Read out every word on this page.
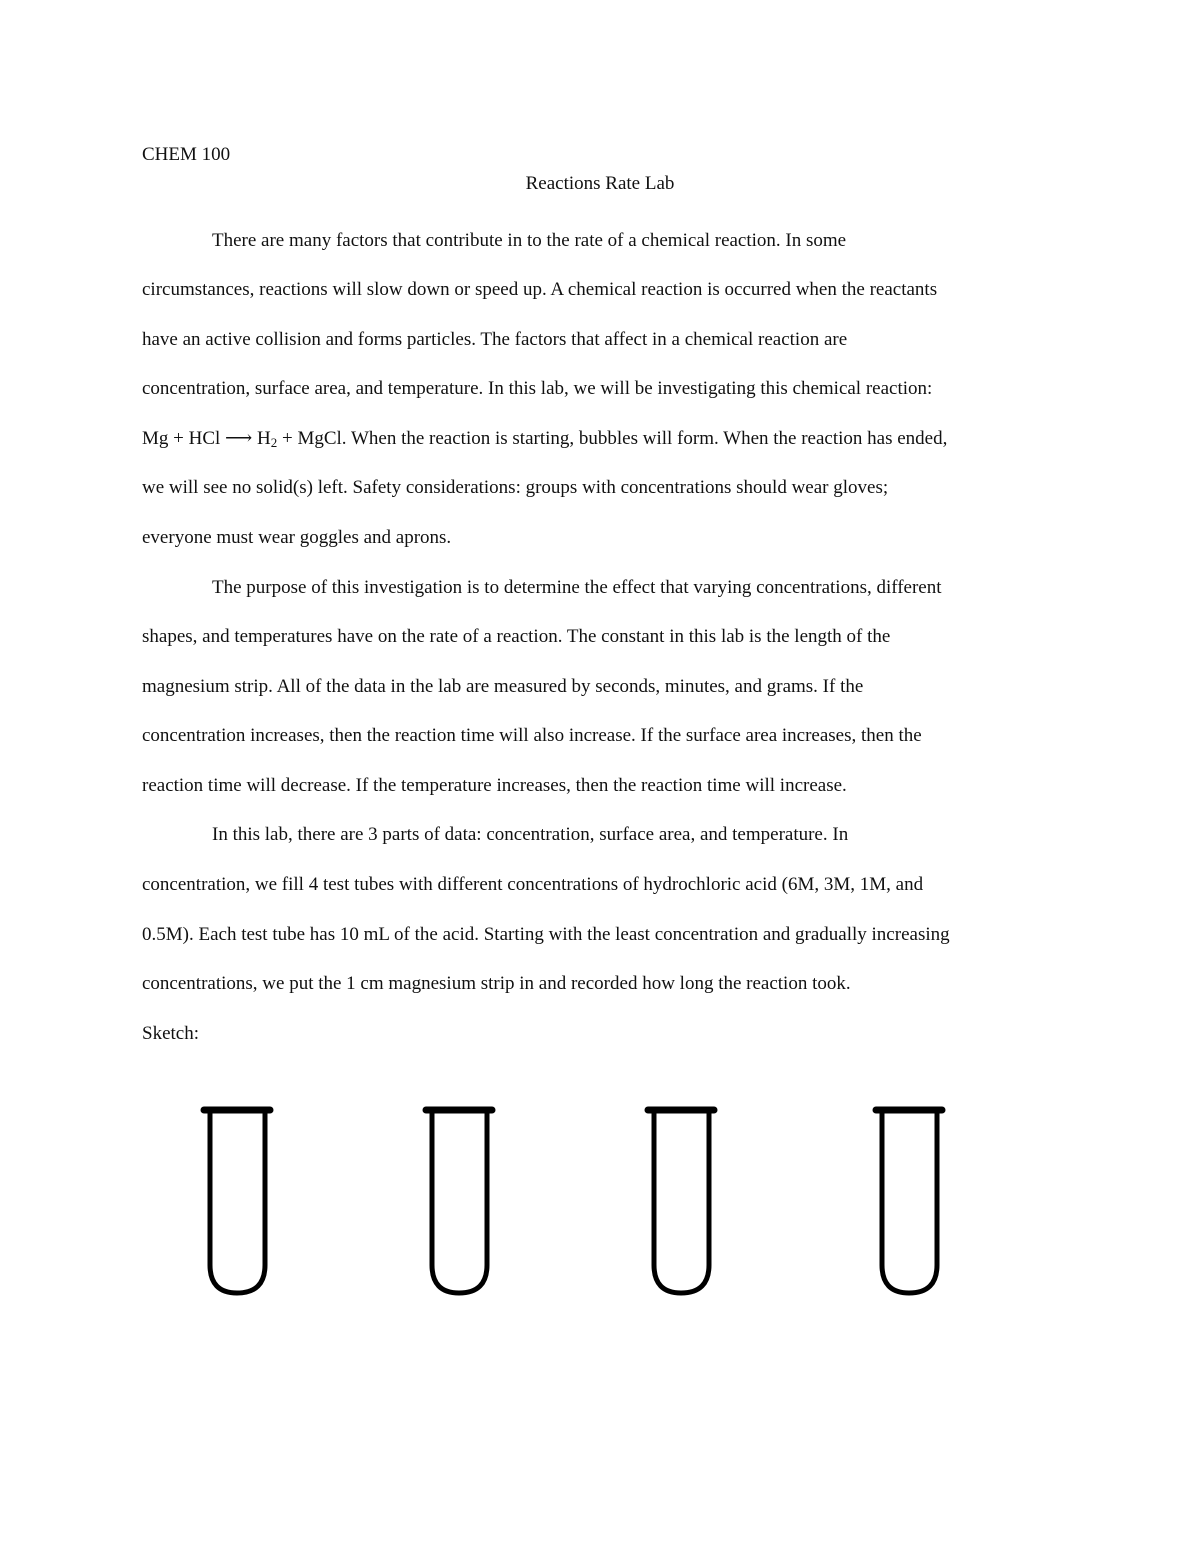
CHEM 100
Reactions Rate Lab
There are many factors that contribute in to the rate of a chemical reaction. In some
circumstances, reactions will slow down or speed up. A chemical reaction is occurred when the reactants
have an active collision and forms particles. The factors that affect in a chemical reaction are
concentration, surface area, and temperature. In this lab, we will be investigating this chemical reaction:
Mg + HCl ⟶ $H_2$ + MgCl. When the reaction is starting, bubbles will form. When the reaction has ended,
we will see no solid(s) left. Safety considerations: groups with concentrations should wear gloves;
everyone must wear goggles and aprons.
The purpose of this investigation is to determine the effect that varying concentrations, different
shapes, and temperatures have on the rate of a reaction. The constant in this lab is the length of the
magnesium strip. All of the data in the lab are measured by seconds, minutes, and grams. If the
concentration increases, then the reaction time will also increase. If the surface area increases, then the
reaction time will decrease. If the temperature increases, then the reaction time will increase.
In this lab, there are 3 parts of data: concentration, surface area, and temperature. In
concentration, we fill 4 test tubes with different concentrations of hydrochloric acid (6M, 3M, 1M, and
0.5M). Each test tube has 10 mL of the acid. Starting with the least concentration and gradually increasing
concentrations, we put the 1 cm magnesium strip in and recorded how long the reaction took.
Sketch:
